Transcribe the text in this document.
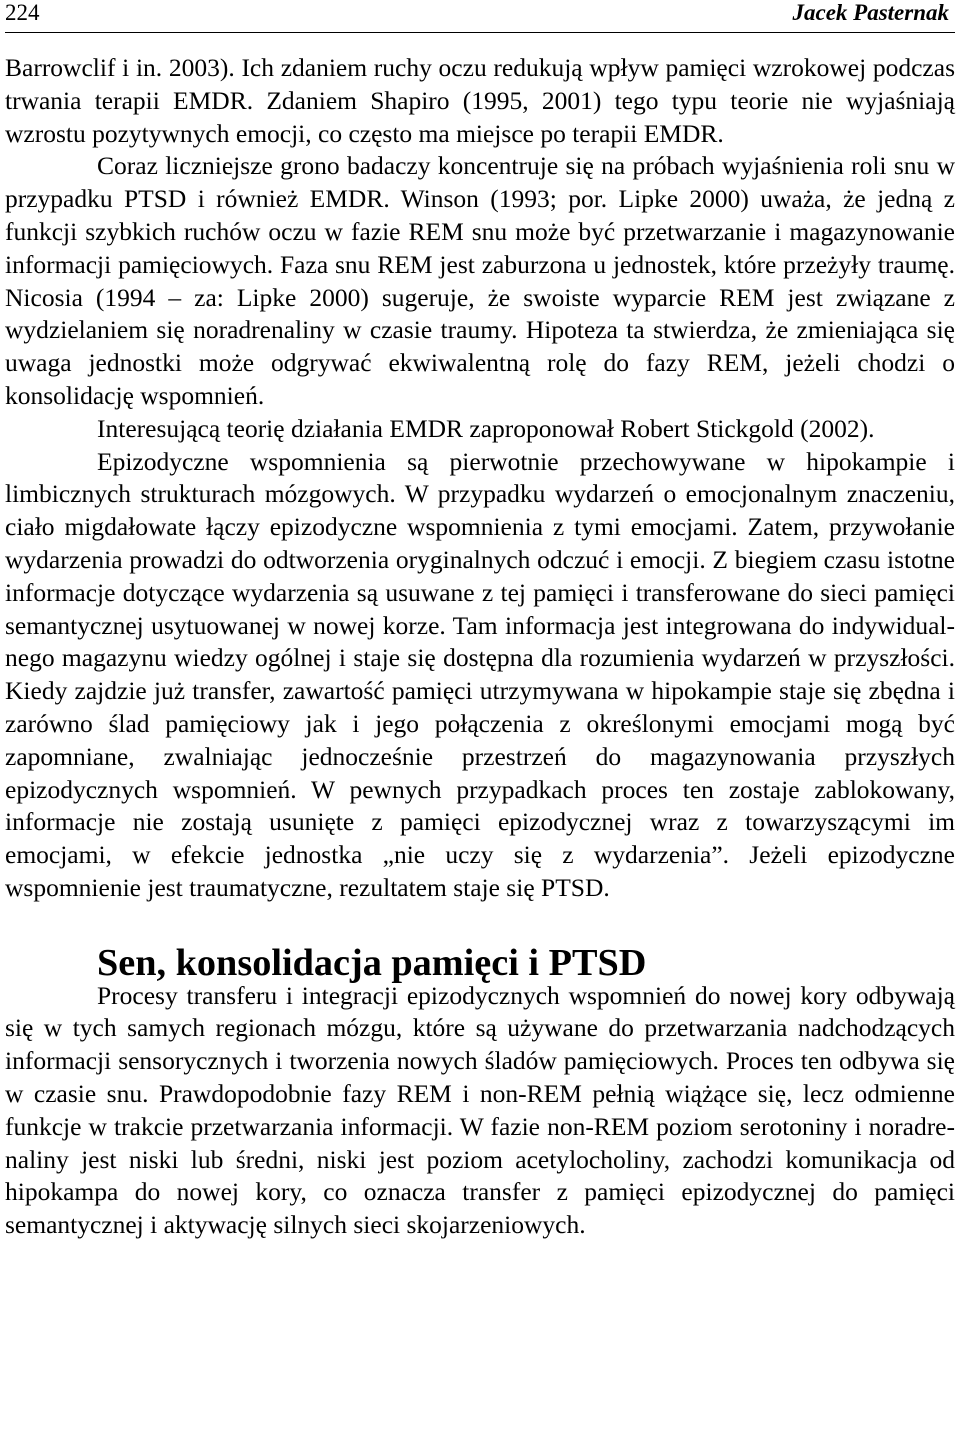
224	Jacek Pasternak

Barrowclif i in. 2003). Ich zdaniem ruchy oczu redukują wpływ pamięci wzrokowej podczas trwania terapii EMDR. Zdaniem Shapiro (1995, 2001) tego typu teorie nie wyjaśniają wzrostu pozytywnych emocji, co często ma miejsce po terapii EMDR.

Coraz liczniejsze grono badaczy koncentruje się na próbach wyjaśnienia roli snu w przypadku PTSD i również EMDR. Winson (1993; por. Lipke 2000) uważa, że jedną z funkcji szybkich ruchów oczu w fazie REM snu może być przetwarzanie i magazynowanie informacji pamięciowych. Faza snu REM jest zaburzona u jednostek, które przeżyły traumę. Nicosia (1994 – za: Lipke 2000) sugeruje, że swoiste wyparcie REM jest związane z wydzielaniem się noradrenaliny w czasie traumy. Hipoteza ta stwierdza, że zmieniająca się uwaga jednostki może odgrywać ekwiwalentną rolę do fazy REM, jeżeli chodzi o konsolidację wspomnień.

Interesującą teorię działania EMDR zaproponował Robert Stickgold (2002).

Epizodyczne wspomnienia są pierwotnie przechowywane w hipokampie i limbicznych strukturach mózgowych. W przypadku wydarzeń o emocjonalnym znaczeniu, ciało migdałowate łączy epizodyczne wspomnienia z tymi emocjami. Zatem, przywołanie wydarzenia prowadzi do odtworzenia oryginalnych odczuć i emocji. Z biegiem czasu istotne informacje dotyczące wydarzenia są usuwane z tej pamięci i transferowane do sieci pamięci semantycznej usytuowanej w nowej korze. Tam informacja jest integrowana do indywidualnego magazynu wiedzy ogólnej i staje się dostępna dla rozumienia wydarzeń w przyszłości. Kiedy zajdzie już transfer, zawartość pamięci utrzymywana w hipokampie staje się zbędna i zarówno ślad pamięciowy jak i jego połączenia z określonymi emocjami mogą być zapomniane, zwalniając jednocześnie przestrzeń do magazynowania przyszłych epizodycznych wspomnień. W pewnych przypadkach proces ten zostaje zablokowany, informacje nie zostają usunięte z pamięci epizodycznej wraz z towarzyszącymi im emocjami, w efekcie jednostka „nie uczy się z wydarzenia”. Jeżeli epizodyczne wspomnienie jest traumatyczne, rezultatem staje się PTSD.

Sen, konsolidacja pamięci i PTSD

Procesy transferu i integracji epizodycznych wspomnień do nowej kory odbywają się w tych samych regionach mózgu, które są używane do przetwarzania nadchodzących informacji sensorycznych i tworzenia nowych śladów pamięciowych. Proces ten odbywa się w czasie snu. Prawdopodobnie fazy REM i non-REM pełnią wiążące się, lecz odmienne funkcje w trakcie przetwarzania informacji. W fazie non-REM poziom serotoniny i noradrenaliny jest niski lub średni, niski jest poziom acetylocholiny, zachodzi komunikacja od hipokampa do nowej kory, co oznacza transfer z pamięci epizodycznej do pamięci semantycznej i aktywację silnych sieci skojarzeniowych.
